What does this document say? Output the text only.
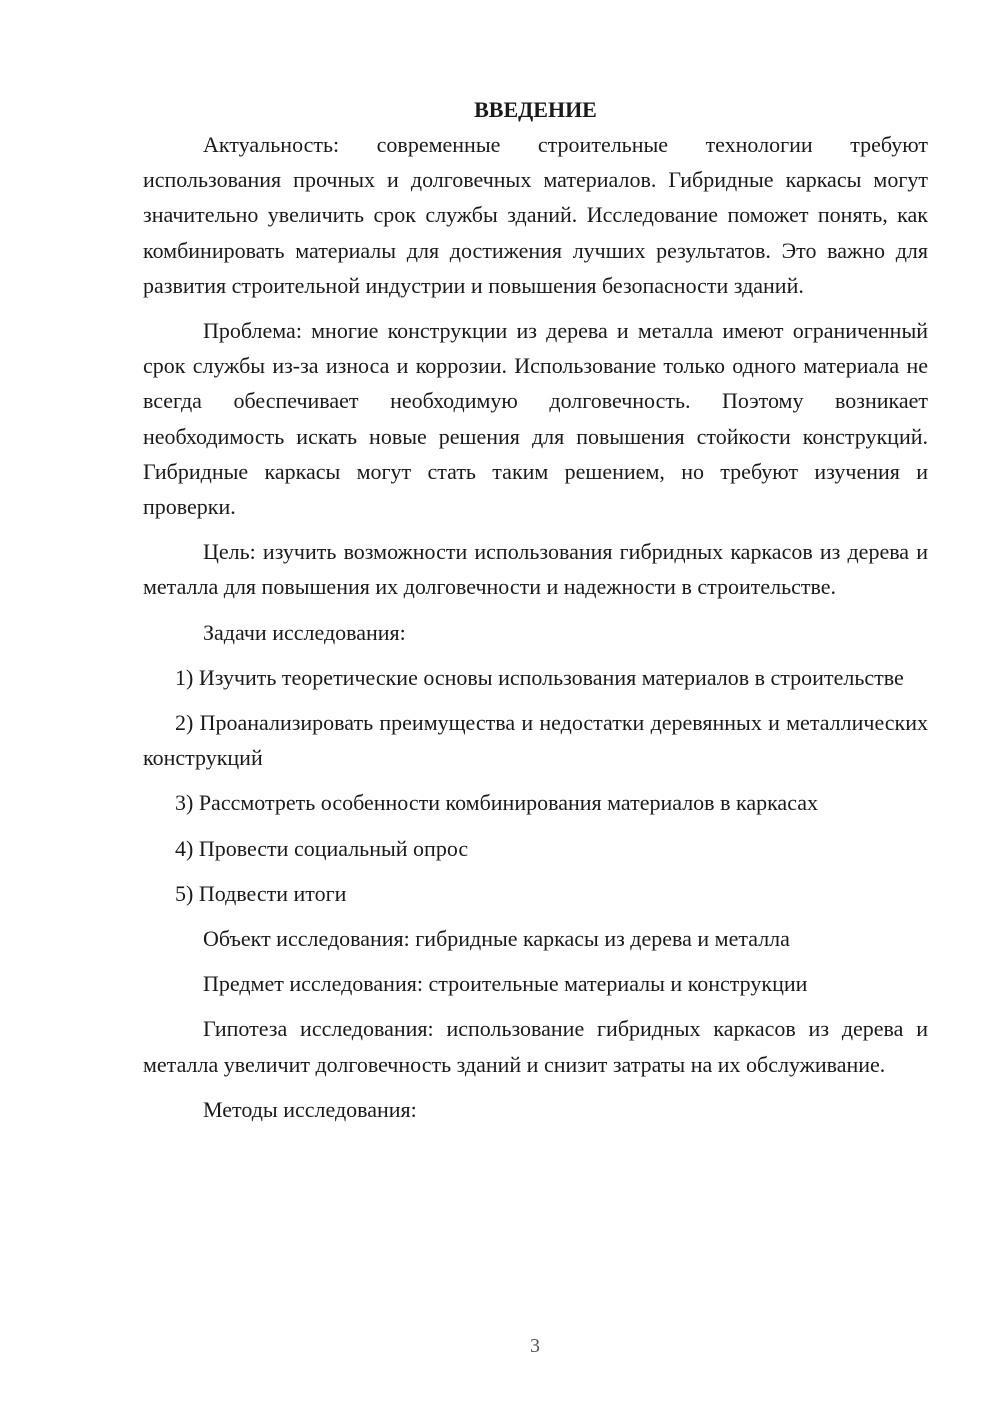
ВВЕДЕНИЕ

Актуальность: современные строительные технологии требуют использования прочных и долговечных материалов. Гибридные каркасы могут значительно увеличить срок службы зданий. Исследование поможет понять, как комбинировать материалы для достижения лучших результатов. Это важно для развития строительной индустрии и повышения безопасности зданий.

Проблема: многие конструкции из дерева и металла имеют ограниченный срок службы из-за износа и коррозии. Использование только одного материала не всегда обеспечивает необходимую долговечность. Поэтому возникает необходимость искать новые решения для повышения стойкости конструкций. Гибридные каркасы могут стать таким решением, но требуют изучения и проверки.

Цель: изучить возможности использования гибридных каркасов из дерева и металла для повышения их долговечности и надежности в строительстве.

Задачи исследования:

1) Изучить теоретические основы использования материалов в строительстве

2) Проанализировать преимущества и недостатки деревянных и металлических конструкций

3) Рассмотреть особенности комбинирования материалов в каркасах

4) Провести социальный опрос

5) Подвести итоги

Объект исследования: гибридные каркасы из дерева и металла

Предмет исследования: строительные материалы и конструкции

Гипотеза исследования: использование гибридных каркасов из дерева и металла увеличит долговечность зданий и снизит затраты на их обслуживание.

Методы исследования:

3
